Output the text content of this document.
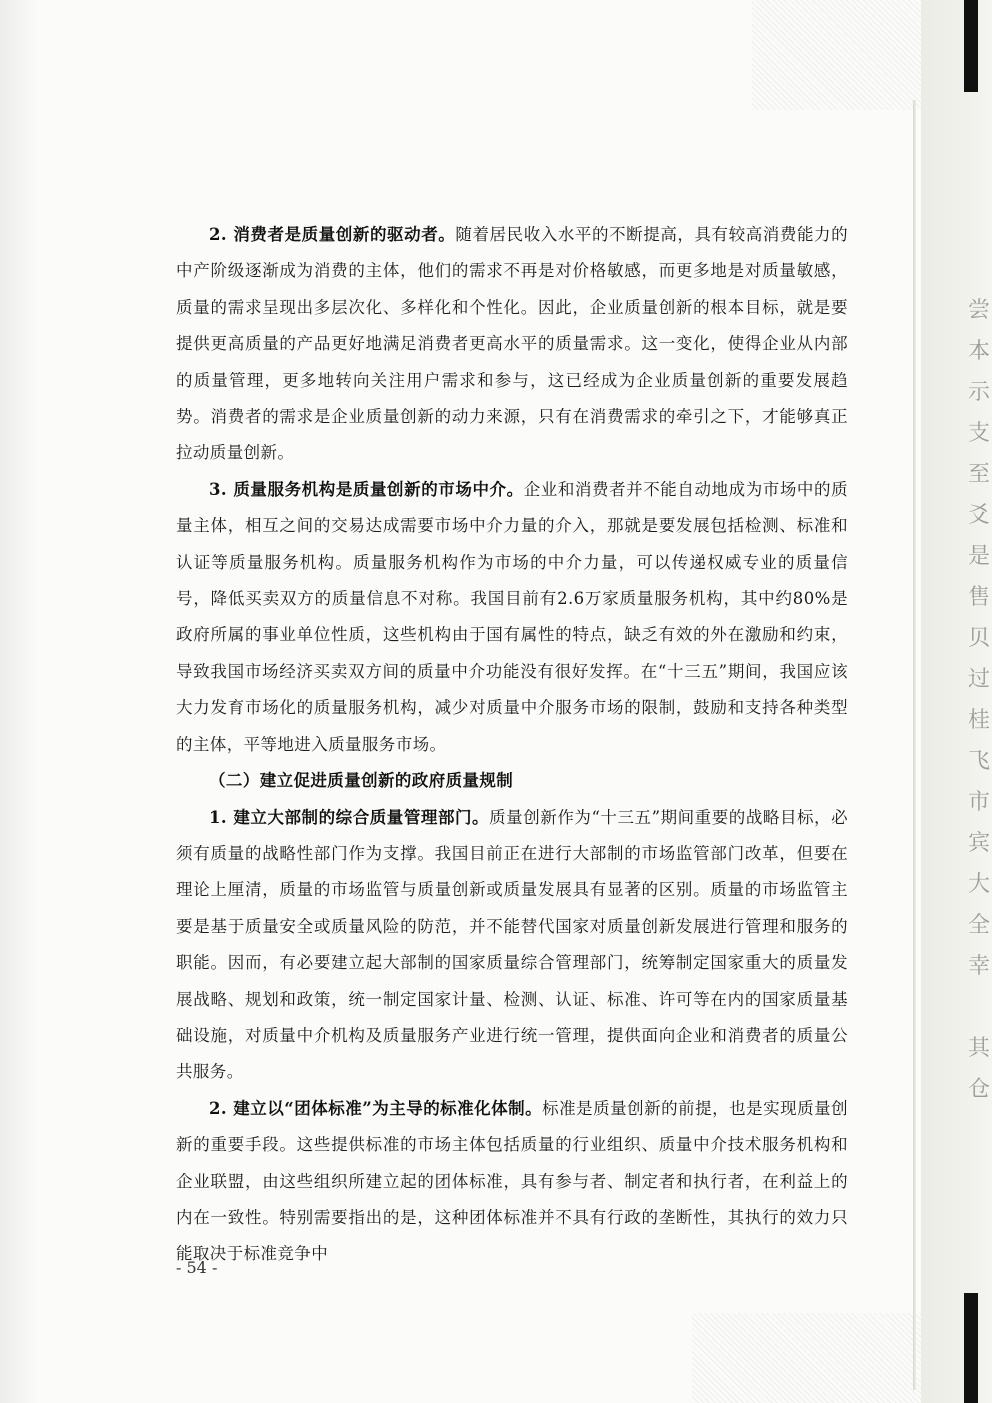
尝
本
示
支
至
爻
是
售
贝
过
桂
飞
市
宾
大
全
幸

其
仓

2. 消费者是质量创新的驱动者。随着居民收入水平的不断提高，具有较高消费能力的中产阶级逐渐成为消费的主体，他们的需求不再是对价格敏感，而更多地是对质量敏感，质量的需求呈现出多层次化、多样化和个性化。因此，企业质量创新的根本目标，就是要提供更高质量的产品更好地满足消费者更高水平的质量需求。这一变化，使得企业从内部的质量管理，更多地转向关注用户需求和参与，这已经成为企业质量创新的重要发展趋势。消费者的需求是企业质量创新的动力来源，只有在消费需求的牵引之下，才能够真正拉动质量创新。

3. 质量服务机构是质量创新的市场中介。企业和消费者并不能自动地成为市场中的质量主体，相互之间的交易达成需要市场中介力量的介入，那就是要发展包括检测、标准和认证等质量服务机构。质量服务机构作为市场的中介力量，可以传递权威专业的质量信号，降低买卖双方的质量信息不对称。我国目前有2.6万家质量服务机构，其中约80%是政府所属的事业单位性质，这些机构由于国有属性的特点，缺乏有效的外在激励和约束，导致我国市场经济买卖双方间的质量中介功能没有很好发挥。在“十三五”期间，我国应该大力发育市场化的质量服务机构，减少对质量中介服务市场的限制，鼓励和支持各种类型的主体，平等地进入质量服务市场。

（二）建立促进质量创新的政府质量规制

1. 建立大部制的综合质量管理部门。质量创新作为“十三五”期间重要的战略目标，必须有质量的战略性部门作为支撑。我国目前正在进行大部制的市场监管部门改革，但要在理论上厘清，质量的市场监管与质量创新或质量发展具有显著的区别。质量的市场监管主要是基于质量安全或质量风险的防范，并不能替代国家对质量创新发展进行管理和服务的职能。因而，有必要建立起大部制的国家质量综合管理部门，统筹制定国家重大的质量发展战略、规划和政策，统一制定国家计量、检测、认证、标准、许可等在内的国家质量基础设施，对质量中介机构及质量服务产业进行统一管理，提供面向企业和消费者的质量公共服务。

2. 建立以“团体标准”为主导的标准化体制。标准是质量创新的前提，也是实现质量创新的重要手段。这些提供标准的市场主体包括质量的行业组织、质量中介技术服务机构和企业联盟，由这些组织所建立起的团体标准，具有参与者、制定者和执行者，在利益上的内在一致性。特别需要指出的是，这种团体标准并不具有行政的垄断性，其执行的效力只能取决于标准竞争中

- 54 -
